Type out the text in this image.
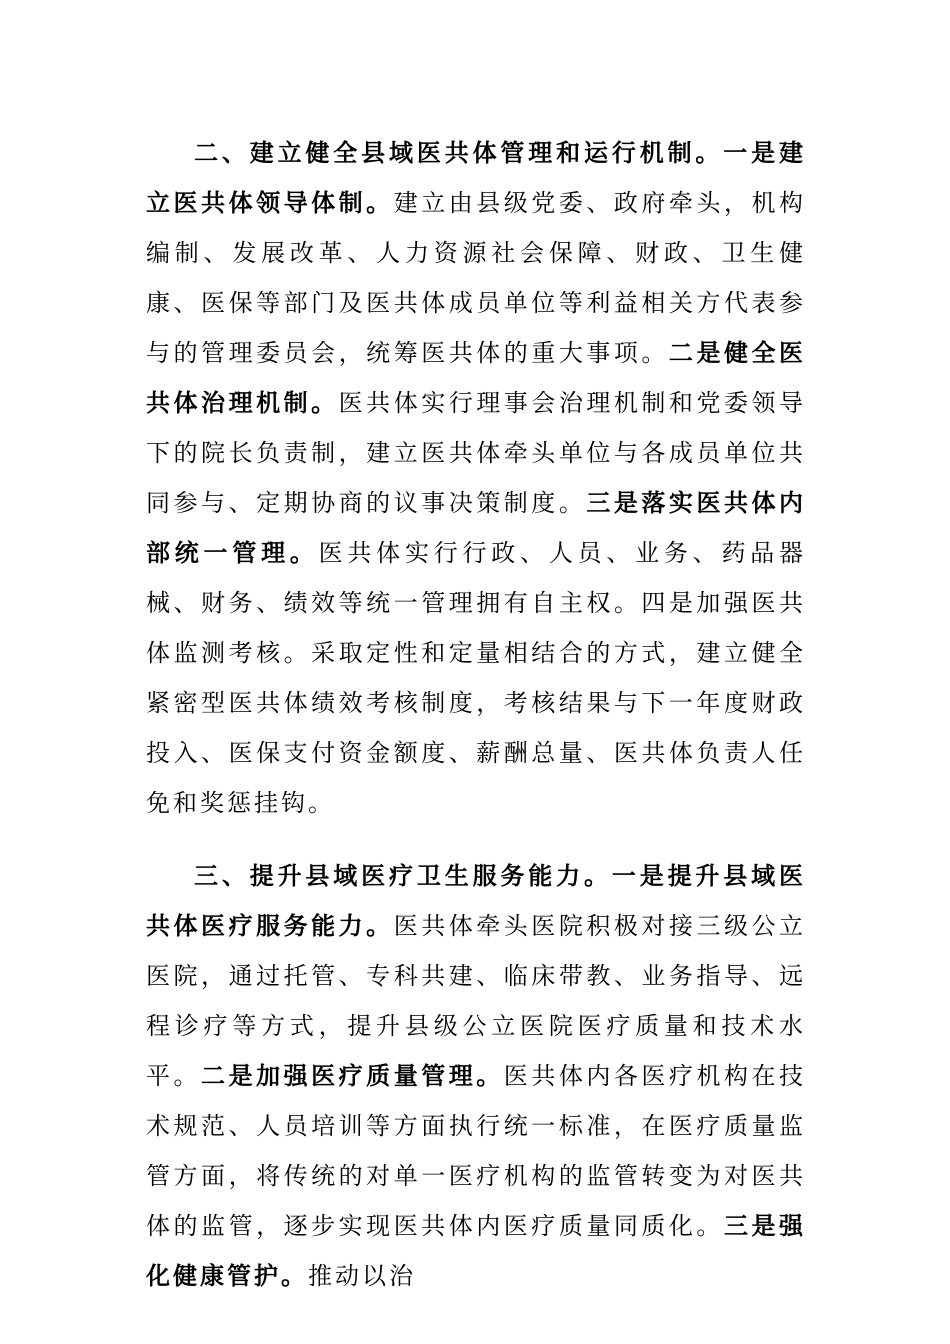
二、建立健全县域医共体管理和运行机制。一是建立医共体领导体制。建立由县级党委、政府牵头，机构编制、发展改革、人力资源社会保障、财政、卫生健康、医保等部门及医共体成员单位等利益相关方代表参与的管理委员会，统筹医共体的重大事项。二是健全医共体治理机制。医共体实行理事会治理机制和党委领导下的院长负责制，建立医共体牵头单位与各成员单位共同参与、定期协商的议事决策制度。三是落实医共体内部统一管理。医共体实行行政、人员、业务、药品器械、财务、绩效等统一管理拥有自主权。四是加强医共体监测考核。采取定性和定量相结合的方式，建立健全紧密型医共体绩效考核制度，考核结果与下一年度财政投入、医保支付资金额度、薪酬总量、医共体负责人任免和奖惩挂钩。

三、提升县域医疗卫生服务能力。一是提升县域医共体医疗服务能力。医共体牵头医院积极对接三级公立医院，通过托管、专科共建、临床带教、业务指导、远程诊疗等方式，提升县级公立医院医疗质量和技术水平。二是加强医疗质量管理。医共体内各医疗机构在技术规范、人员培训等方面执行统一标准，在医疗质量监管方面，将传统的对单一医疗机构的监管转变为对医共体的监管，逐步实现医共体内医疗质量同质化。三是强化健康管护。推动以治
